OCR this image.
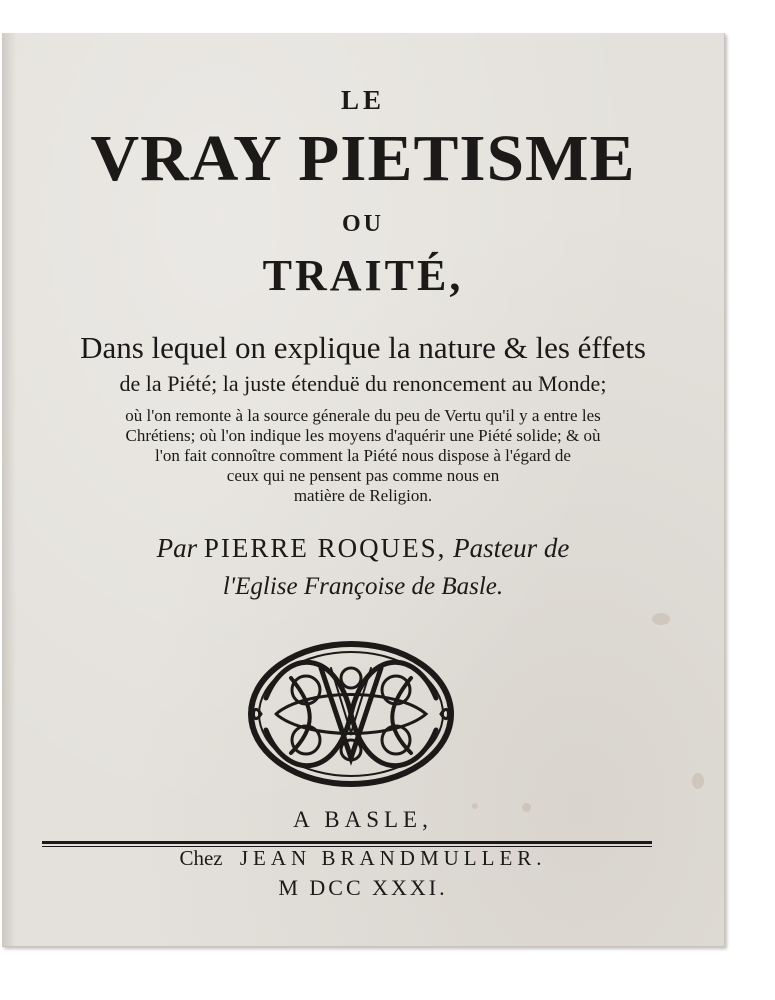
LE

VRAY PIETISME

OU

TRAITÉ,

Dans lequel on explique la nature & les éffets

de la Piété; la juste étenduë du renoncement au Monde;

où l'on remonte à la source génerale du peu de Vertu qu'il y a entre les

Chrétiens; où l'on indique les moyens d'aquérir une Piété solide; & où

l'on fait connoître comment la Piété nous dispose à l'égard de

ceux qui ne pensent pas comme nous en

matière de Religion.

Par PIERRE ROQUES, Pasteur de

l'Eglise Françoise de Basle.

A BASLE,

Chez JEAN BRANDMULLER.

M DCC XXXI.
